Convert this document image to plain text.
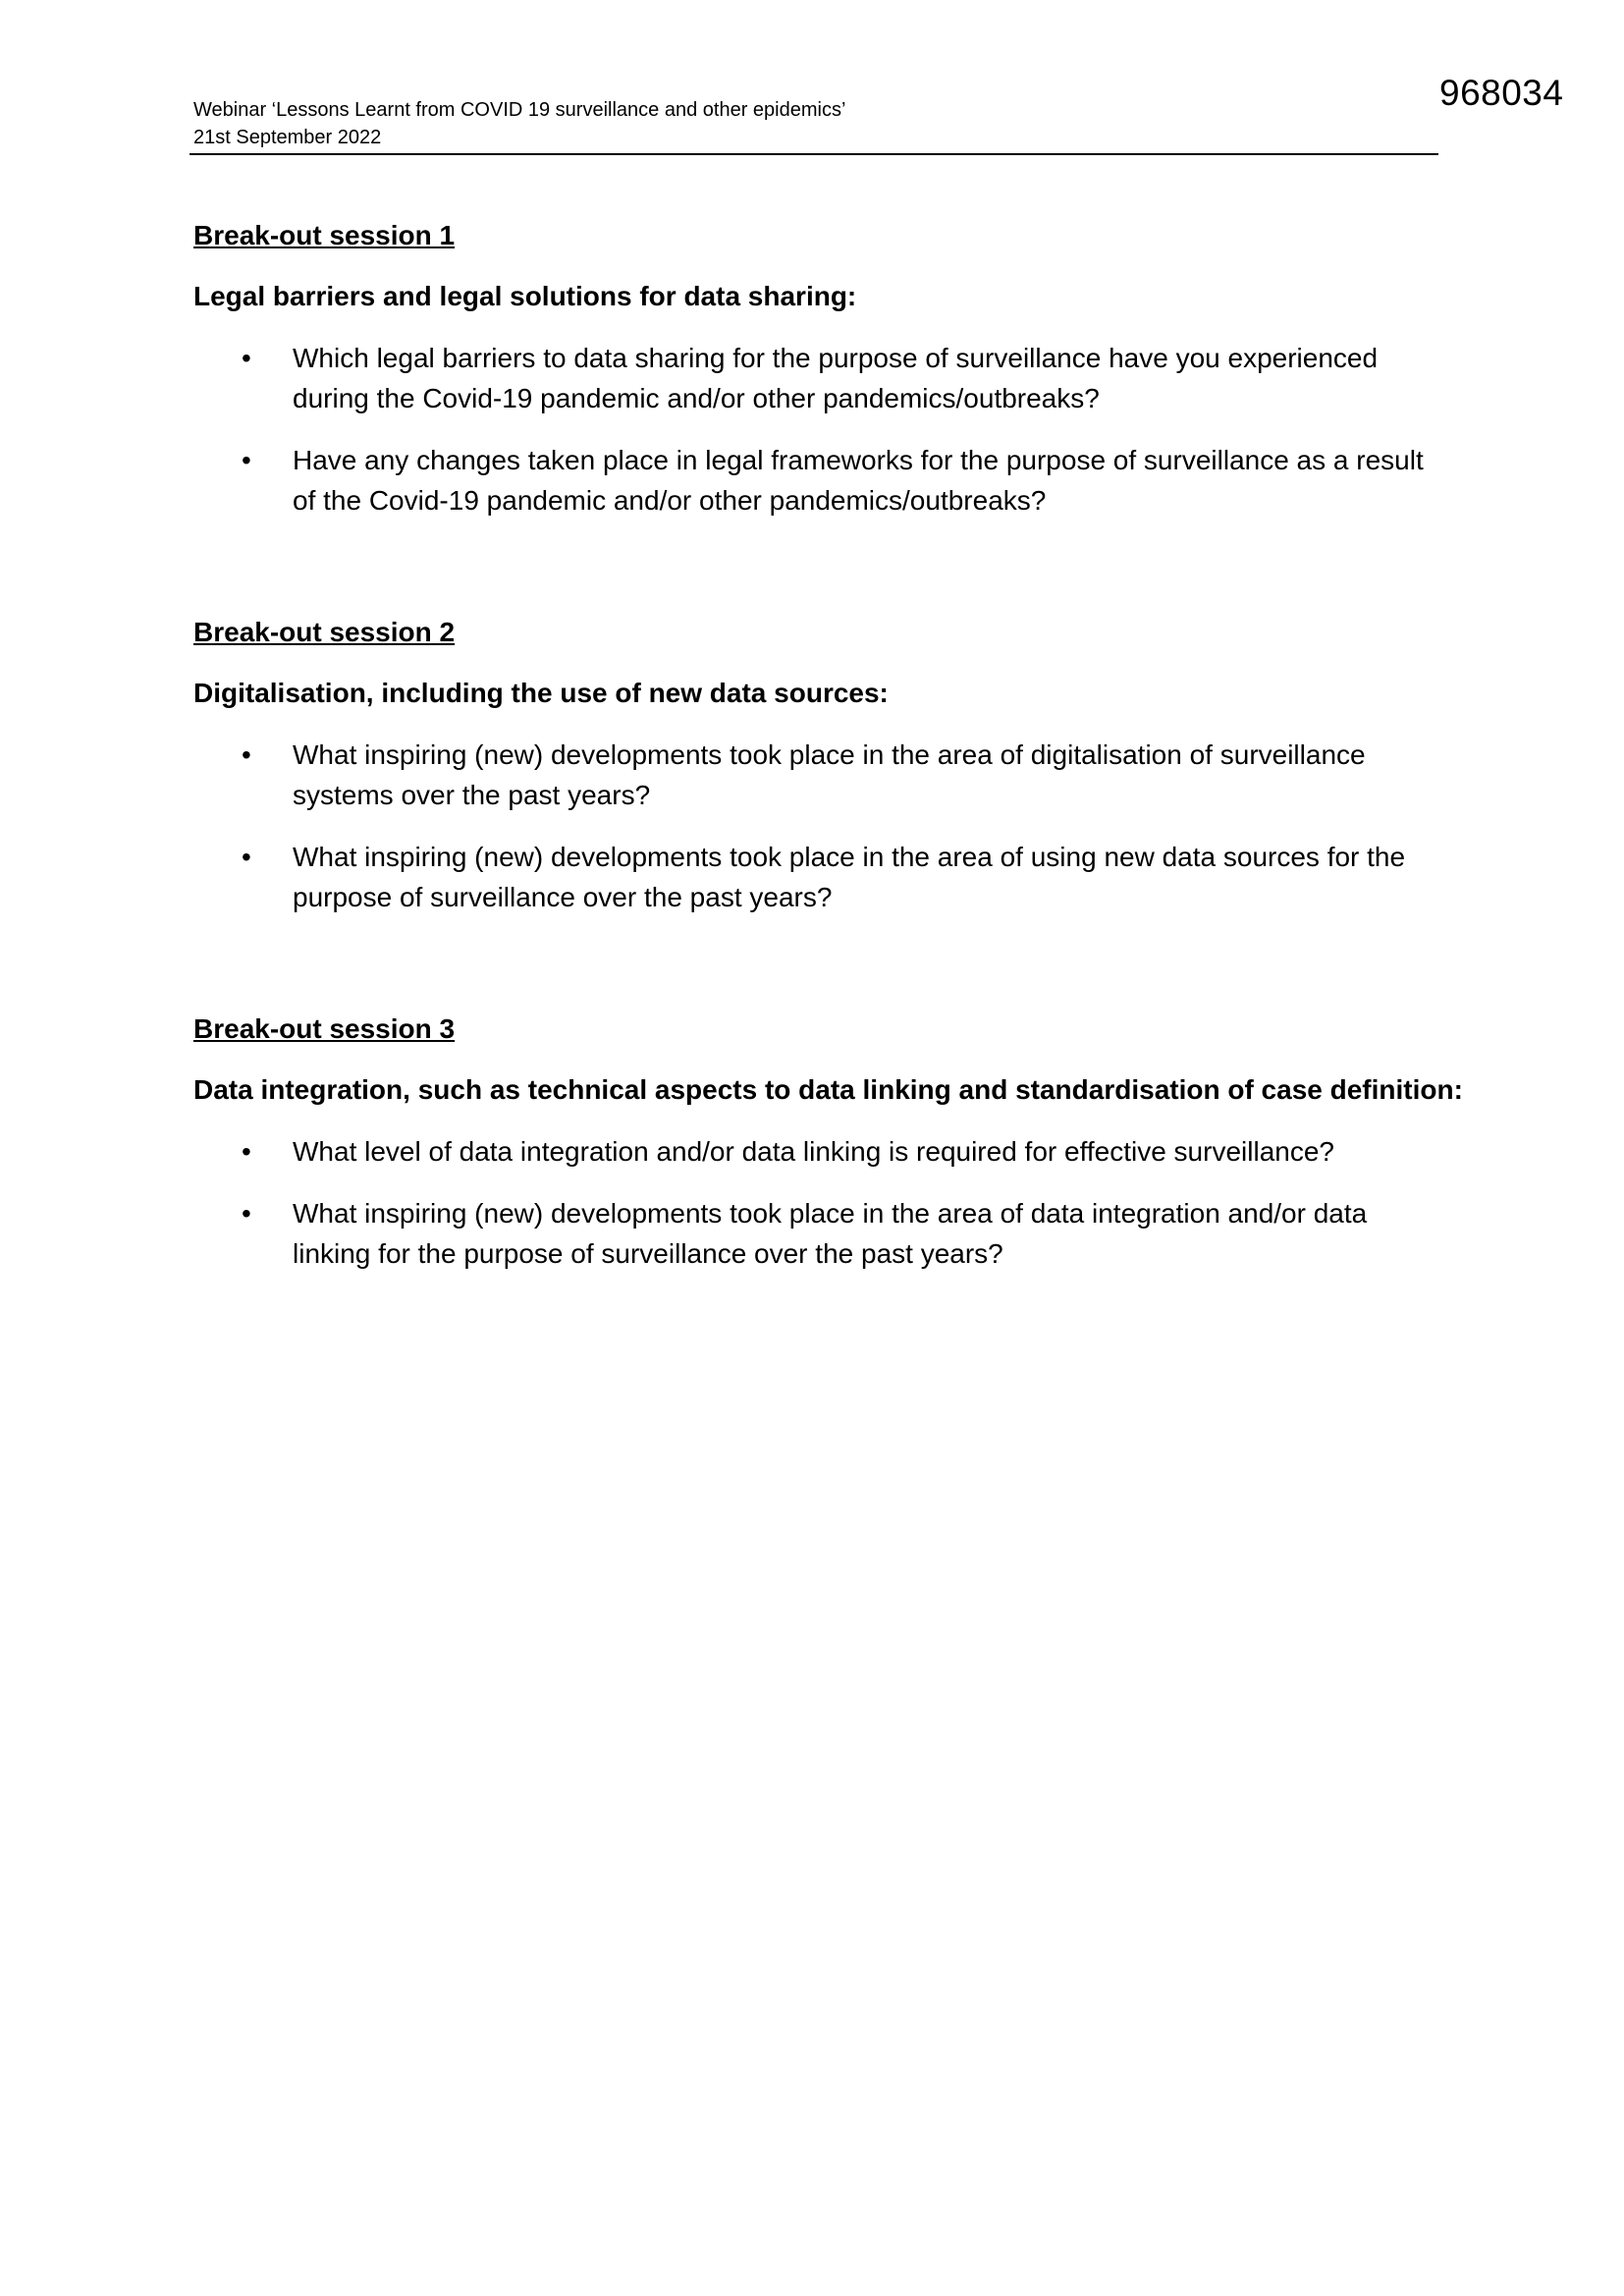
968034
Webinar ‘Lessons Learnt from COVID 19 surveillance and other epidemics’
21st September 2022
Break-out session 1
Legal barriers and legal solutions for data sharing:
• Which legal barriers to data sharing for the purpose of surveillance have you experienced during the Covid-19 pandemic and/or other pandemics/outbreaks?
• Have any changes taken place in legal frameworks for the purpose of surveillance as a result of the Covid-19 pandemic and/or other pandemics/outbreaks?
Break-out session 2
Digitalisation, including the use of new data sources:
• What inspiring (new) developments took place in the area of digitalisation of surveillance systems over the past years?
• What inspiring (new) developments took place in the area of using new data sources for the purpose of surveillance over the past years?
Break-out session 3
Data integration, such as technical aspects to data linking and standardisation of case definition:
• What level of data integration and/or data linking is required for effective surveillance?
• What inspiring (new) developments took place in the area of data integration and/or data linking for the purpose of surveillance over the past years?
